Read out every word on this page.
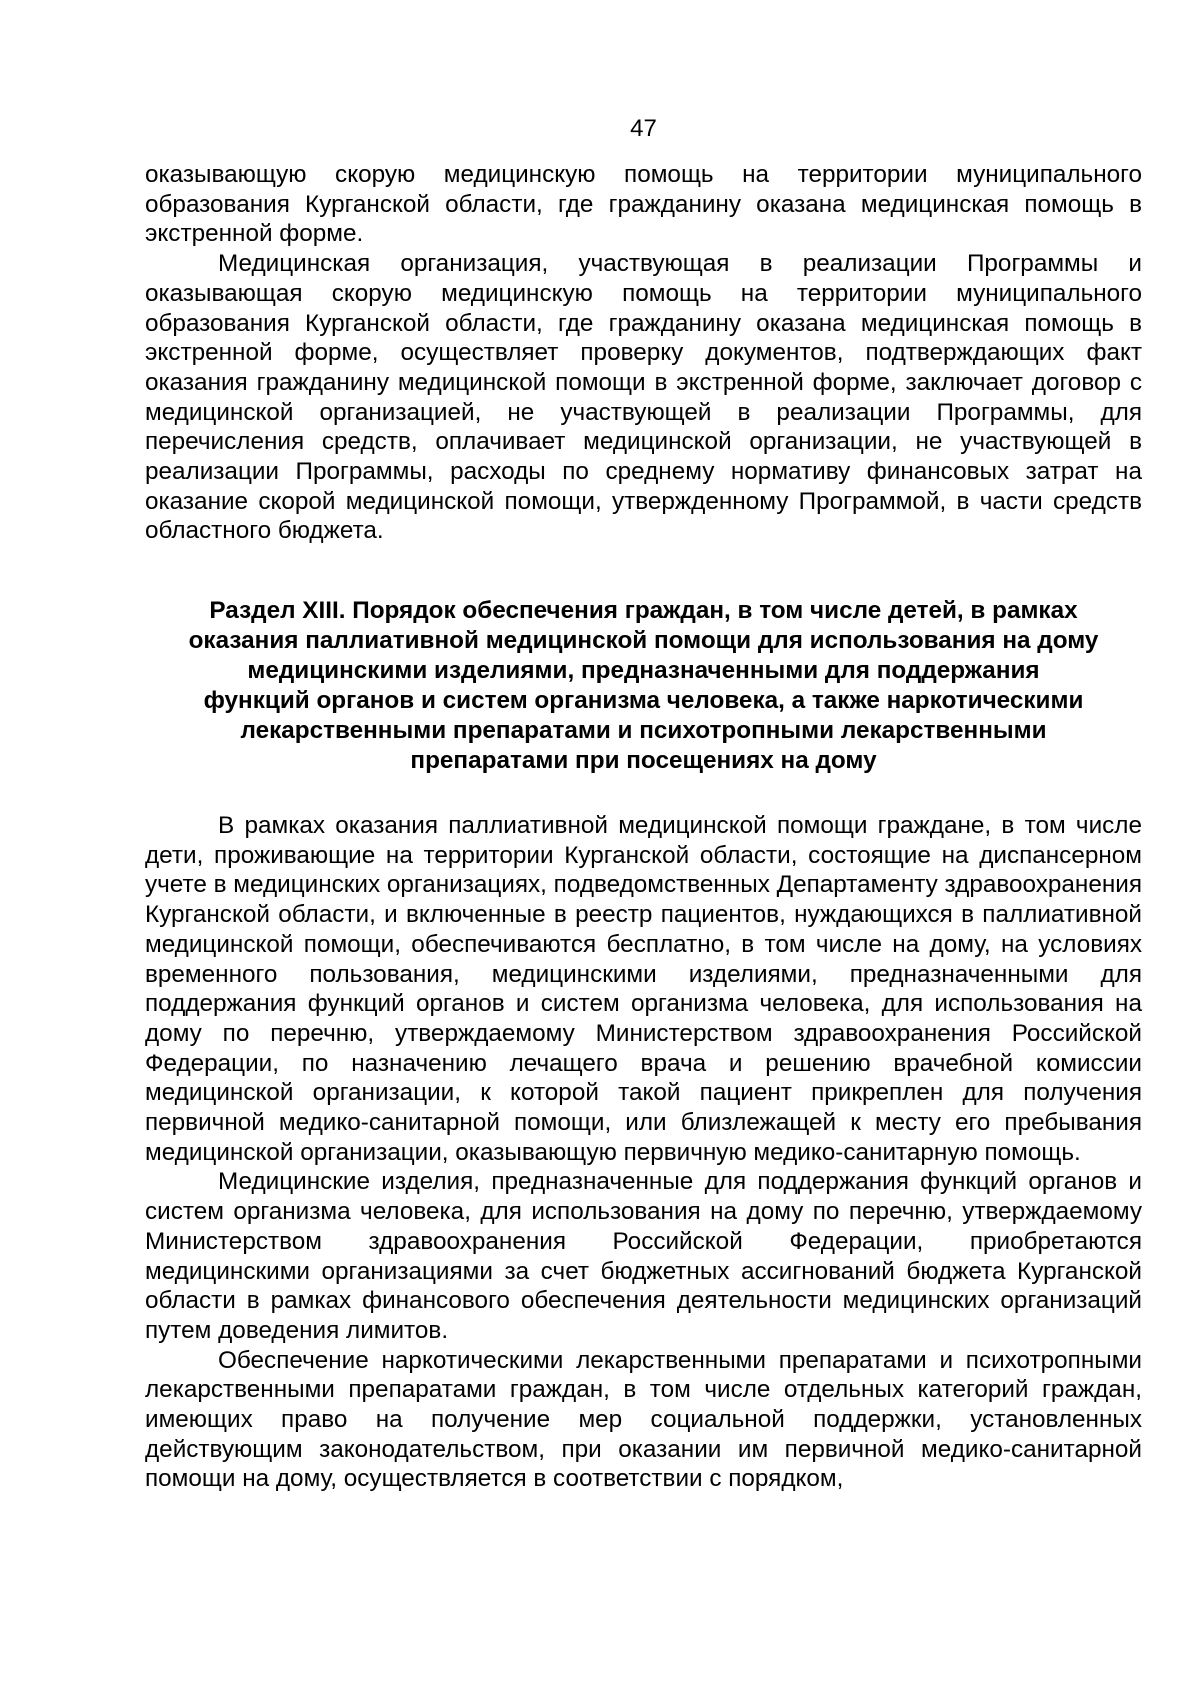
47

оказывающую скорую медицинскую помощь на территории муниципального образования Курганской области, где гражданину оказана медицинская помощь в экстренной форме.

Медицинская организация, участвующая в реализации Программы и оказывающая скорую медицинскую помощь на территории муниципального образования Курганской области, где гражданину оказана медицинская помощь в экстренной форме, осуществляет проверку документов, подтверждающих факт оказания гражданину медицинской помощи в экстренной форме, заключает договор с медицинской организацией, не участвующей в реализации Программы, для перечисления средств, оплачивает медицинской организации, не участвующей в реализации Программы, расходы по среднему нормативу финансовых затрат на оказание скорой медицинской помощи, утвержденному Программой, в части средств областного бюджета.

Раздел XIII. Порядок обеспечения граждан, в том числе детей, в рамках
оказания паллиативной медицинской помощи для использования на дому
медицинскими изделиями, предназначенными для поддержания
функций органов и систем организма человека, а также наркотическими
лекарственными препаратами и психотропными лекарственными
препаратами при посещениях на дому

В рамках оказания паллиативной медицинской помощи граждане, в том числе дети, проживающие на территории Курганской области, состоящие на диспансерном учете в медицинских организациях, подведомственных Департаменту здравоохранения Курганской области, и включенные в реестр пациентов, нуждающихся в паллиативной медицинской помощи, обеспечиваются бесплатно, в том числе на дому, на условиях временного пользования, медицинскими изделиями, предназначенными для поддержания функций органов и систем организма человека, для использования на дому по перечню, утверждаемому Министерством здравоохранения Российской Федерации, по назначению лечащего врача и решению врачебной комиссии медицинской организации, к которой такой пациент прикреплен для получения первичной медико-санитарной помощи, или близлежащей к месту его пребывания медицинской организации, оказывающую первичную медико-санитарную помощь.

Медицинские изделия, предназначенные для поддержания функций органов и систем организма человека, для использования на дому по перечню, утверждаемому Министерством здравоохранения Российской Федерации, приобретаются медицинскими организациями за счет бюджетных ассигнований бюджета Курганской области в рамках финансового обеспечения деятельности медицинских организаций путем доведения лимитов.

Обеспечение наркотическими лекарственными препаратами и психотропными лекарственными препаратами граждан, в том числе отдельных категорий граждан, имеющих право на получение мер социальной поддержки, установленных действующим законодательством, при оказании им первичной медико-санитарной помощи на дому, осуществляется в соответствии с порядком,
